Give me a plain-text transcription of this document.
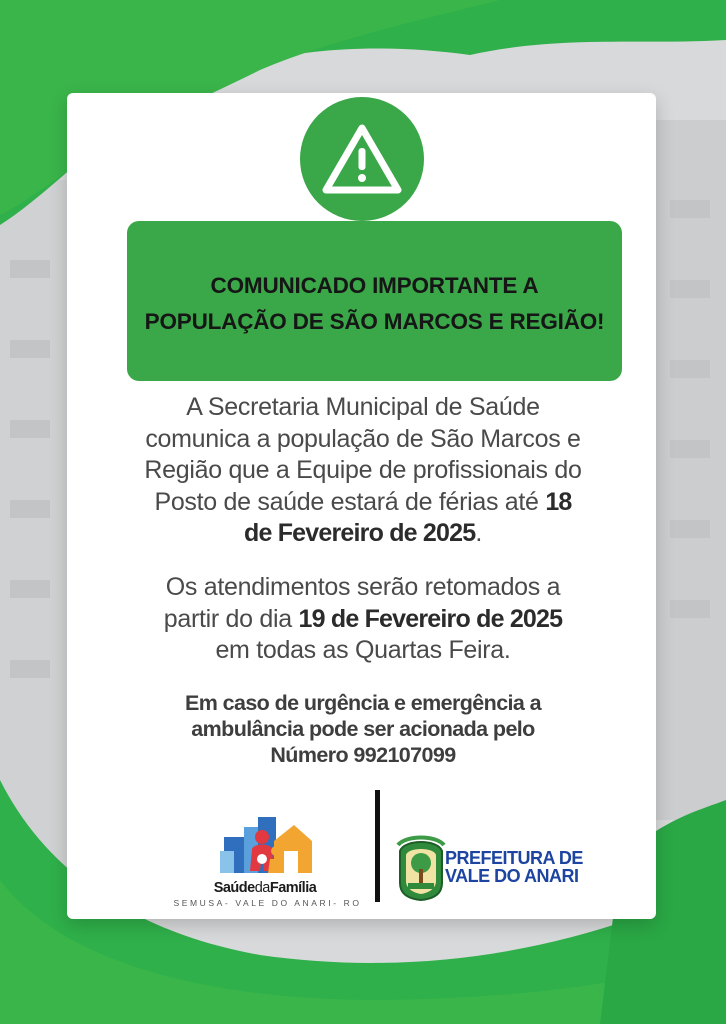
COMUNICADO IMPORTANTE A
POPULAÇÃO DE SÃO MARCOS E REGIÃO!
A Secretaria Municipal de Saúde
comunica a população de São Marcos e
Região que a Equipe de profissionais do
Posto de saúde estará de férias até 18
de Fevereiro de 2025.
Os atendimentos serão retomados a
partir do dia 19 de Fevereiro de 2025
em todas as Quartas Feira.
Em caso de urgência e emergência a
ambulância pode ser acionada pelo
Número 992107099
SaúdedaFamília
SEMUSA- VALE DO ANARI- RO
PREFEITURA DE
VALE DO ANARI
